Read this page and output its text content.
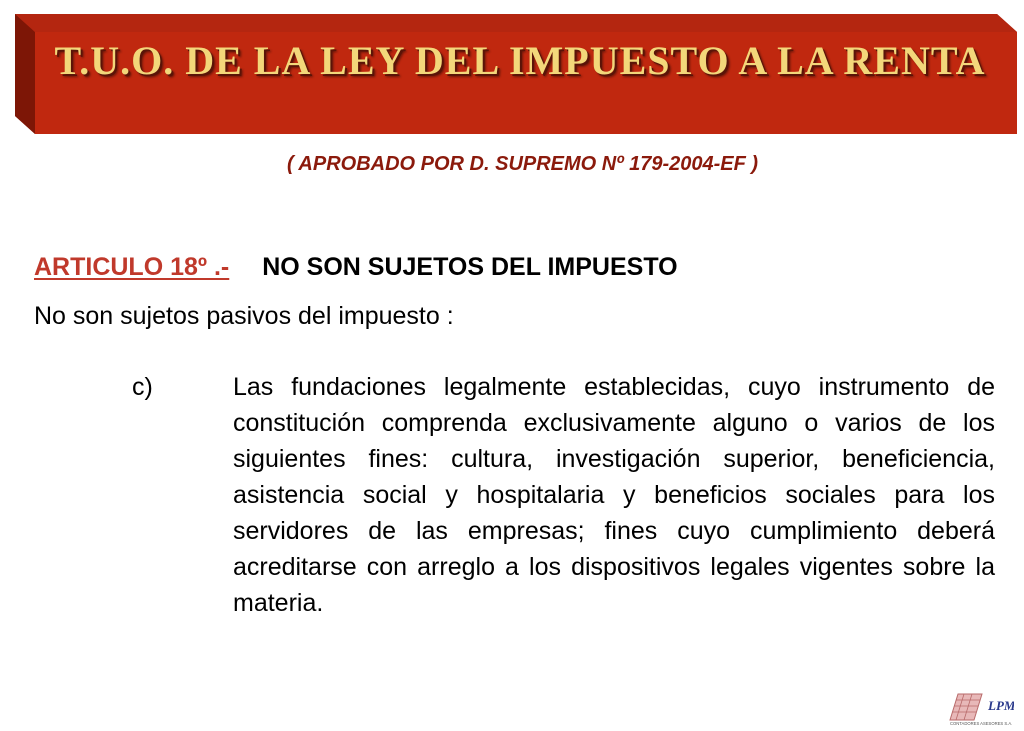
T.U.O. DE LA LEY DEL IMPUESTO A LA RENTA

( APROBADO POR D. SUPREMO Nº 179-2004-EF )

ARTICULO 18º .- NO SON SUJETOS DEL IMPUESTO

No son sujetos pasivos del impuesto :

c)	Las fundaciones legalmente establecidas, cuyo instrumento de constitución comprenda exclusivamente alguno o varios de los siguientes fines: cultura, investigación superior, beneficiencia, asistencia social y hospitalaria y beneficios sociales para los servidores de las empresas; fines cuyo cumplimiento deberá acreditarse con arreglo a los dispositivos legales vigentes sobre la materia.

LPM
CONTADORES ASESORES S.A.
